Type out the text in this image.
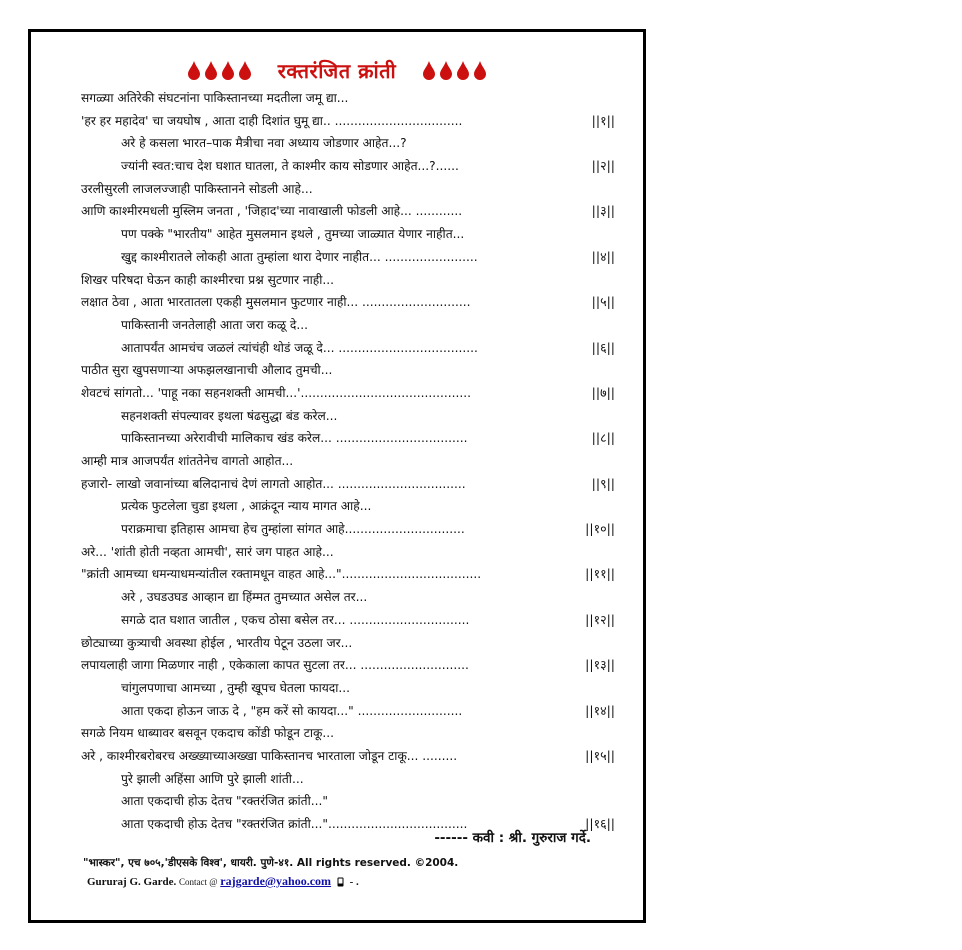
रक्तरंजित क्रांती
सगळ्या अतिरेकी संघटनांना पाकिस्तानच्या मदतीला जमू द्या...
'हर हर महादेव' चा जयघोष , आता दाही दिशांत घुमू द्या.. .................................	||१||
अरे हे कसला भारत–पाक मैत्रीचा नवा अध्याय जोडणार आहेत...?
ज्यांनी स्वत:चाच देश घशात घातला, ते काश्मीर काय सोडणार आहेत...?......	||२||
उरलीसुरली लाजलज्जाही पाकिस्तानने सोडली आहे...
आणि काश्मीरमधली मुस्लिम जनता , 'जिहाद'च्या नावाखाली फोडली आहे... ............	||३||
पण पक्के "भारतीय" आहेत मुसलमान इथले , तुमच्या जाळ्यात येणार नाहीत...
खुद्द काश्मीरातले लोकही आता तुम्हांला थारा देणार नाहीत... ........................	||४||
शिखर परिषदा घेऊन काही काश्मीरचा प्रश्न सुटणार नाही...
लक्षात ठेवा , आता भारतातला एकही मुसलमान फुटणार नाही... ............................	||५||
पाकिस्तानी जनतेलाही आता जरा कळू दे...
आतापर्यंत आमचंच जळलं त्यांचंही थोडं जळू दे... ....................................	||६||
पाठीत सुरा खुपसणाऱ्या अफझलखानाची औलाद तुमची...
शेवटचं सांगतो... 'पाहू नका सहनशक्ती आमची...'............................................	||७||
सहनशक्ती संपल्यावर इथला षंढसुद्धा बंड करेल...
पाकिस्तानच्या अरेरावीची मालिकाच खंड करेल... ..................................	||८||
आम्ही मात्र आजपर्यंत शांततेनेच वागतो आहोत...
हजारो- लाखो जवानांच्या बलिदानाचं देणं लागतो आहोत... .................................	||९||
प्रत्येक फुटलेला चुडा इथला , आक्रंदून न्याय मागत आहे...
पराक्रमाचा इतिहास आमचा हेच तुम्हांला सांगत आहे...............................	||१०||
अरे... 'शांती होती नव्हता आमची', सारं जग पाहत आहे...
"क्रांती आमच्या धमन्याधमन्यांतील रक्तामधून वाहत आहे..."....................................	||११||
अरे , उघडउघड आव्हान द्या हिंम्मत तुमच्यात असेल तर...
सगळे दात घशात जातील , एकच ठोसा बसेल तर... ...............................	||१२||
छोट्याच्या कुत्र्याची अवस्था होईल , भारतीय पेटून उठला जर...
लपायलाही जागा मिळणार नाही , एकेकाला कापत सुटला तर... ............................	||१३||
चांगुलपणाचा आमच्या , तुम्ही खूपच घेतला फायदा...
आता एकदा होऊन जाऊ दे , "हम करें सो कायदा..." ...........................	||१४||
सगळे नियम धाब्यावर बसवून एकदाच कोंडी फोडून टाकू...
अरे , काश्मीरबरोबरच अख्ख्याच्याअख्खा पाकिस्तानच भारताला जोडून टाकू... .........	||१५||
पुरे झाली अहिंसा आणि पुरे झाली शांती...
आता एकदाची होऊ देतच "रक्तरंजित क्रांती..."
आता एकदाची होऊ देतच "रक्तरंजित क्रांती..."....................................	||१६||
------ कवी : श्री. गुरुराज गर्दे.
"भास्कर", एच ७०५,'डीएसके विश्व', धायरी. पुणे-४१. All rights reserved. ©2004.
Gururaj G. Garde. Contact @ rajgarde@yahoo.com - .
